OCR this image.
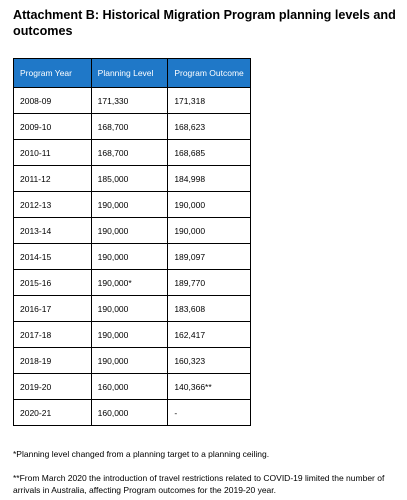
Attachment B: Historical Migration Program planning levels and outcomes
Program Year	Planning Level	Program Outcome
2008-09	171,330	171,318
2009-10	168,700	168,623
2010-11	168,700	168,685
2011-12	185,000	184,998
2012-13	190,000	190,000
2013-14	190,000	190,000
2014-15	190,000	189,097
2015-16	190,000*	189,770
2016-17	190,000	183,608
2017-18	190,000	162,417
2018-19	190,000	160,323
2019-20	160,000	140,366**
2020-21	160,000	-
*Planning level changed from a planning target to a planning ceiling.
**From March 2020 the introduction of travel restrictions related to COVID-19 limited the number of arrivals in Australia, affecting Program outcomes for the 2019-20 year.
